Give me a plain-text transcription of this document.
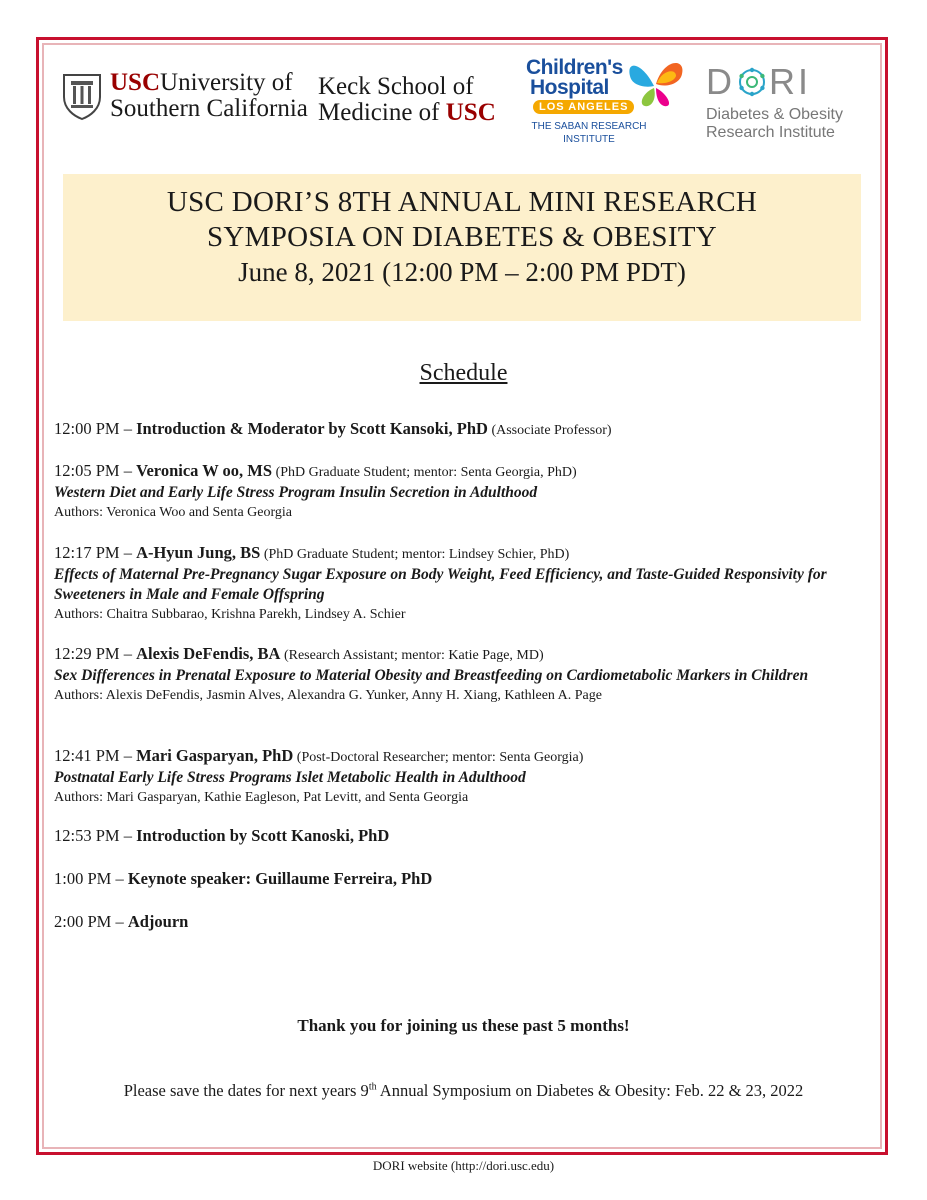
USCUniversity of
Southern California
Keck School of
Medicine of USC
Children's
Hospital
LOS ANGELES
THE SABAN RESEARCH
INSTITUTE
D RI
Diabetes & Obesity
Research Institute
USC DORI’S 8TH ANNUAL MINI RESEARCH
SYMPOSIA ON DIABETES & OBESITY
June 8, 2021 (12:00 PM – 2:00 PM PDT)
Schedule
12:00 PM – Introduction & Moderator by Scott Kansoki, PhD (Associate Professor)
12:05 PM – Veronica W oo, MS (PhD Graduate Student; mentor: Senta Georgia, PhD)
Western Diet and Early Life Stress Program Insulin Secretion in Adulthood
Authors: Veronica Woo and Senta Georgia
12:17 PM – A-Hyun Jung, BS (PhD Graduate Student; mentor: Lindsey Schier, PhD)
Effects of Maternal Pre-Pregnancy Sugar Exposure on Body Weight, Feed Efficiency, and Taste-Guided Responsivity for Sweeteners in Male and Female Offspring
Authors: Chaitra Subbarao, Krishna Parekh, Lindsey A. Schier
12:29 PM – Alexis DeFendis, BA (Research Assistant; mentor: Katie Page, MD)
Sex Differences in Prenatal Exposure to Material Obesity and Breastfeeding on Cardiometabolic Markers in Children
Authors: Alexis DeFendis, Jasmin Alves, Alexandra G. Yunker, Anny H. Xiang, Kathleen A. Page
12:41 PM – Mari Gasparyan, PhD (Post-Doctoral Researcher; mentor: Senta Georgia)
Postnatal Early Life Stress Programs Islet Metabolic Health in Adulthood
Authors: Mari Gasparyan, Kathie Eagleson, Pat Levitt, and Senta Georgia
12:53 PM – Introduction by Scott Kanoski, PhD
1:00 PM – Keynote speaker: Guillaume Ferreira, PhD
2:00 PM – Adjourn
Thank you for joining us these past 5 months!
Please save the dates for next years 9th Annual Symposium on Diabetes & Obesity: Feb. 22 & 23, 2022
DORI website (http://dori.usc.edu)
